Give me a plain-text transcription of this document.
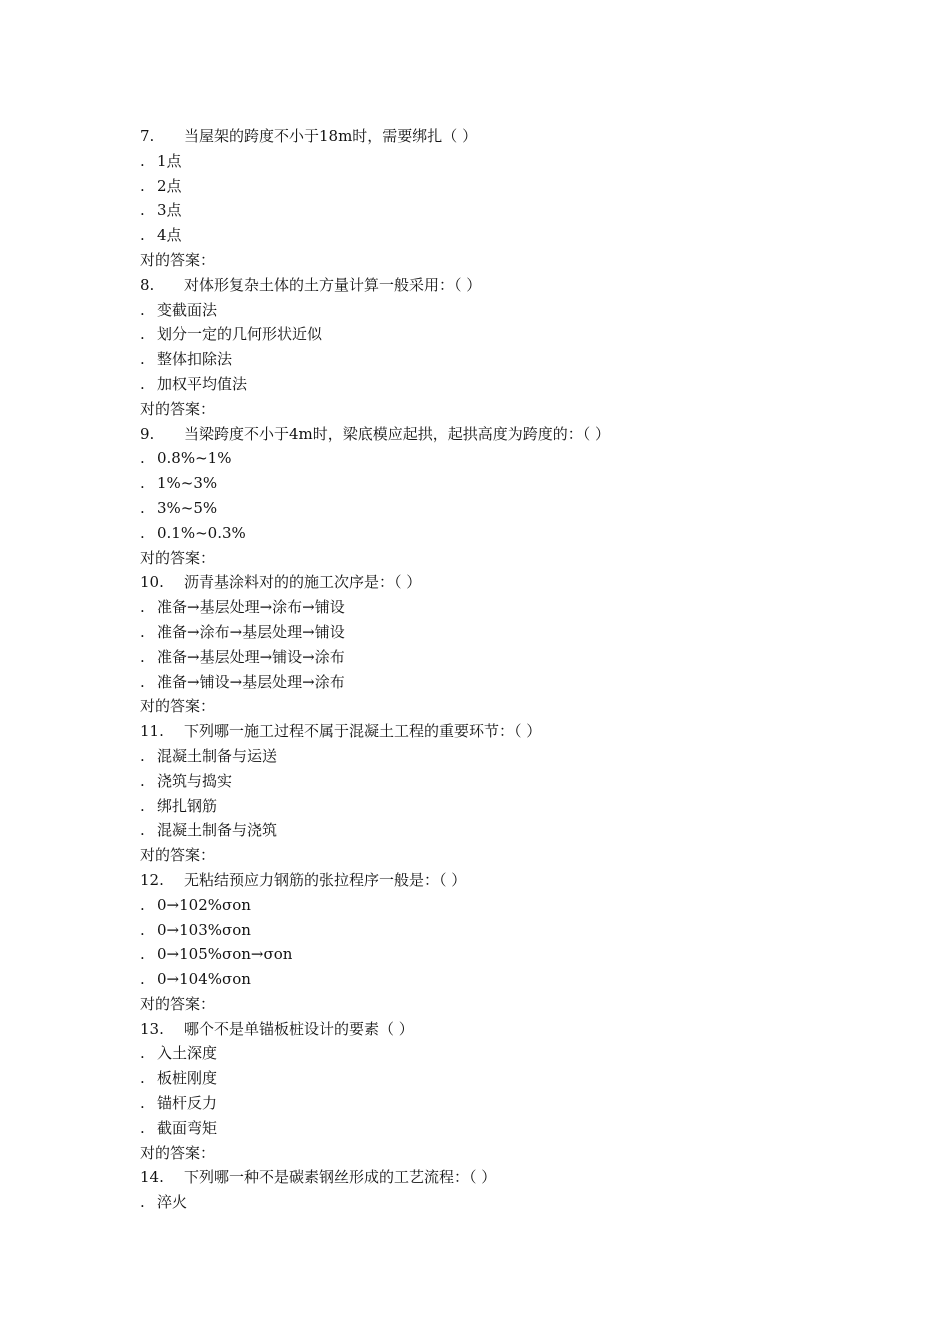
7. 当屋架的跨度不小于18m时，需要绑扎（ ）
. 1点
. 2点
. 3点
. 4点
对的答案：
8. 对体形复杂土体的土方量计算一般采用：（ ）
. 变截面法
. 划分一定的几何形状近似
. 整体扣除法
. 加权平均值法
对的答案：
9. 当梁跨度不小于4m时，梁底模应起拱，起拱高度为跨度的：（ ）
. 0.8%~1%
. 1%~3%
. 3%~5%
. 0.1%~0.3%
对的答案：
10. 沥青基涂料对的的施工次序是：（ ）
. 准备→基层处理→涂布→铺设
. 准备→涂布→基层处理→铺设
. 准备→基层处理→铺设→涂布
. 准备→铺设→基层处理→涂布
对的答案：
11. 下列哪一施工过程不属于混凝土工程的重要环节：（ ）
. 混凝土制备与运送
. 浇筑与捣实
. 绑扎钢筋
. 混凝土制备与浇筑
对的答案：
12. 无粘结预应力钢筋的张拉程序一般是：（ ）
. 0→102%σon
. 0→103%σon
. 0→105%σon→σon
. 0→104%σon
对的答案：
13. 哪个不是单锚板桩设计的要素（ ）
. 入土深度
. 板桩刚度
. 锚杆反力
. 截面弯矩
对的答案：
14. 下列哪一种不是碳素钢丝形成的工艺流程：（ ）
. 淬火
